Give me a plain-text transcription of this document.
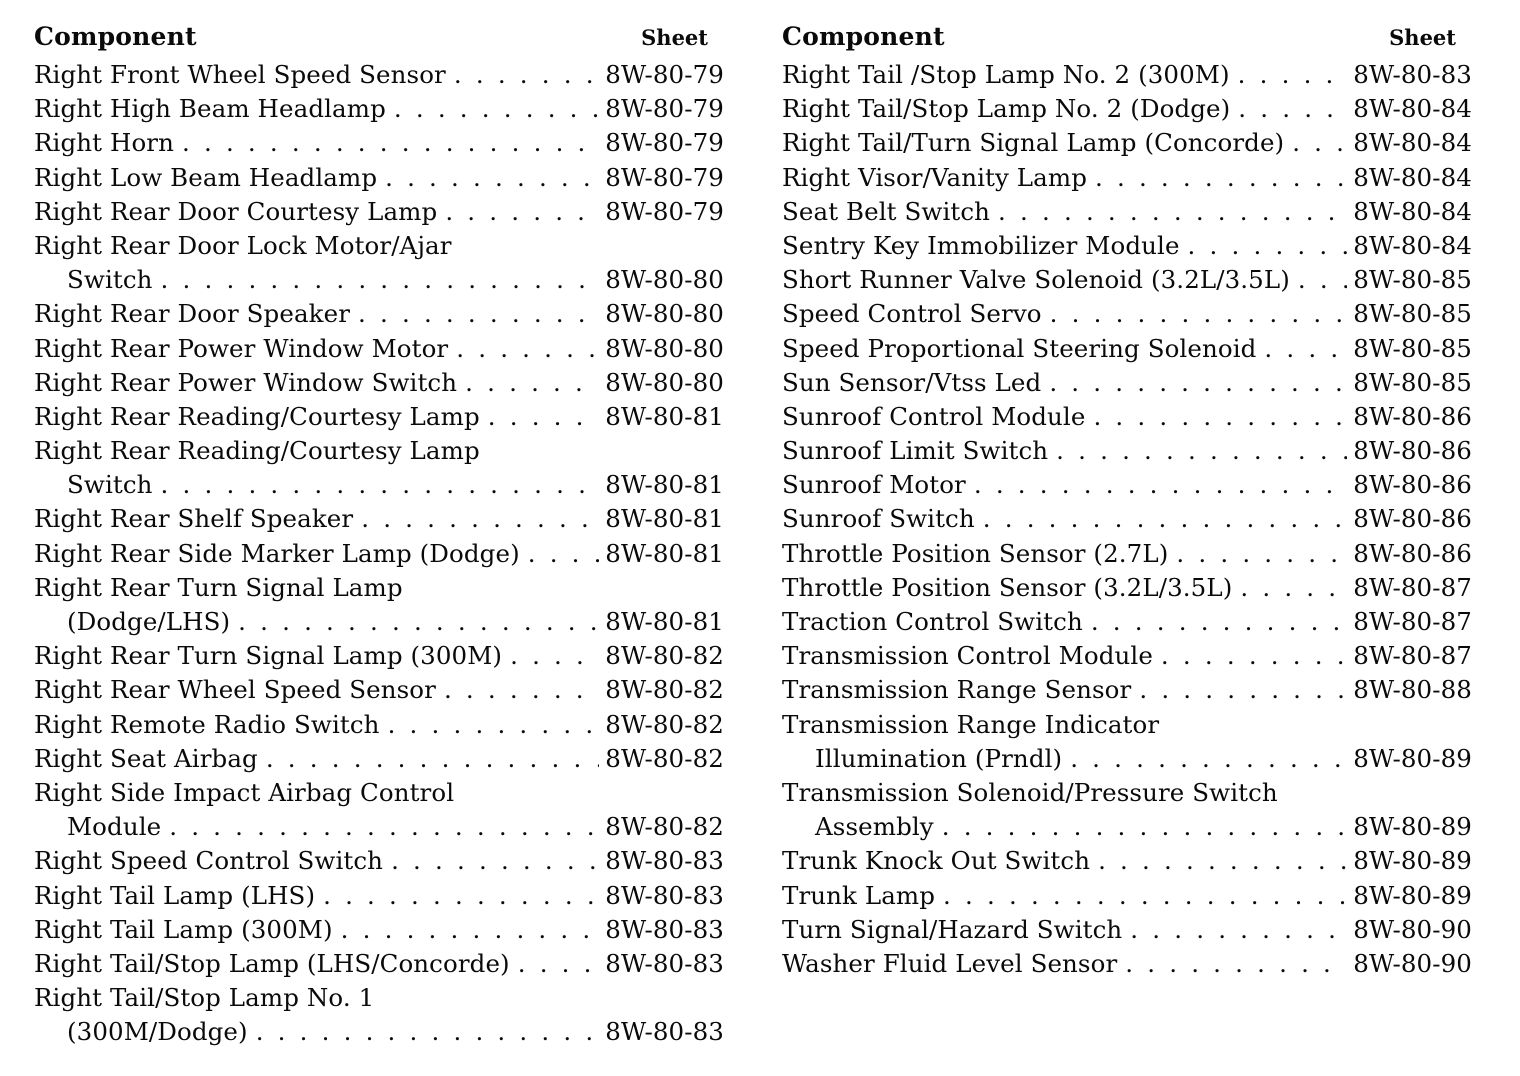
Component	Sheet
Right Front Wheel Speed Sensor . . .	8W-80-79
Right High Beam Headlamp . . .	8W-80-79
Right Horn . . .	8W-80-79
Right Low Beam Headlamp . . .	8W-80-79
Right Rear Door Courtesy Lamp . . .	8W-80-79
Right Rear Door Lock Motor/Ajar
Switch . . .	8W-80-80
Right Rear Door Speaker . . .	8W-80-80
Right Rear Power Window Motor . . .	8W-80-80
Right Rear Power Window Switch . . .	8W-80-80
Right Rear Reading/Courtesy Lamp . . .	8W-80-81
Right Rear Reading/Courtesy Lamp
Switch . . .	8W-80-81
Right Rear Shelf Speaker . . .	8W-80-81
Right Rear Side Marker Lamp (Dodge) . . .	8W-80-81
Right Rear Turn Signal Lamp
(Dodge/LHS) . . .	8W-80-81
Right Rear Turn Signal Lamp (300M) . . .	8W-80-82
Right Rear Wheel Speed Sensor . . .	8W-80-82
Right Remote Radio Switch . . .	8W-80-82
Right Seat Airbag . . .	8W-80-82
Right Side Impact Airbag Control
Module . . .	8W-80-82
Right Speed Control Switch . . .	8W-80-83
Right Tail Lamp (LHS) . . .	8W-80-83
Right Tail Lamp (300M) . . .	8W-80-83
Right Tail/Stop Lamp (LHS/Concorde) . . .	8W-80-83
Right Tail/Stop Lamp No. 1
(300M/Dodge) . . .	8W-80-83
Component	Sheet
Right Tail /Stop Lamp No. 2 (300M) . . .	8W-80-83
Right Tail/Stop Lamp No. 2 (Dodge) . . .	8W-80-84
Right Tail/Turn Signal Lamp (Concorde) . . .	8W-80-84
Right Visor/Vanity Lamp . . .	8W-80-84
Seat Belt Switch . . .	8W-80-84
Sentry Key Immobilizer Module . . .	8W-80-84
Short Runner Valve Solenoid (3.2L/3.5L) . . .	8W-80-85
Speed Control Servo . . .	8W-80-85
Speed Proportional Steering Solenoid . . .	8W-80-85
Sun Sensor/Vtss Led . . .	8W-80-85
Sunroof Control Module . . .	8W-80-86
Sunroof Limit Switch . . .	8W-80-86
Sunroof Motor . . .	8W-80-86
Sunroof Switch . . .	8W-80-86
Throttle Position Sensor (2.7L) . . .	8W-80-86
Throttle Position Sensor (3.2L/3.5L) . . .	8W-80-87
Traction Control Switch . . .	8W-80-87
Transmission Control Module . . .	8W-80-87
Transmission Range Sensor . . .	8W-80-88
Transmission Range Indicator
Illumination (Prndl) . . .	8W-80-89
Transmission Solenoid/Pressure Switch
Assembly . . .	8W-80-89
Trunk Knock Out Switch . . .	8W-80-89
Trunk Lamp . . .	8W-80-89
Turn Signal/Hazard Switch . . .	8W-80-90
Washer Fluid Level Sensor . . .	8W-80-90
